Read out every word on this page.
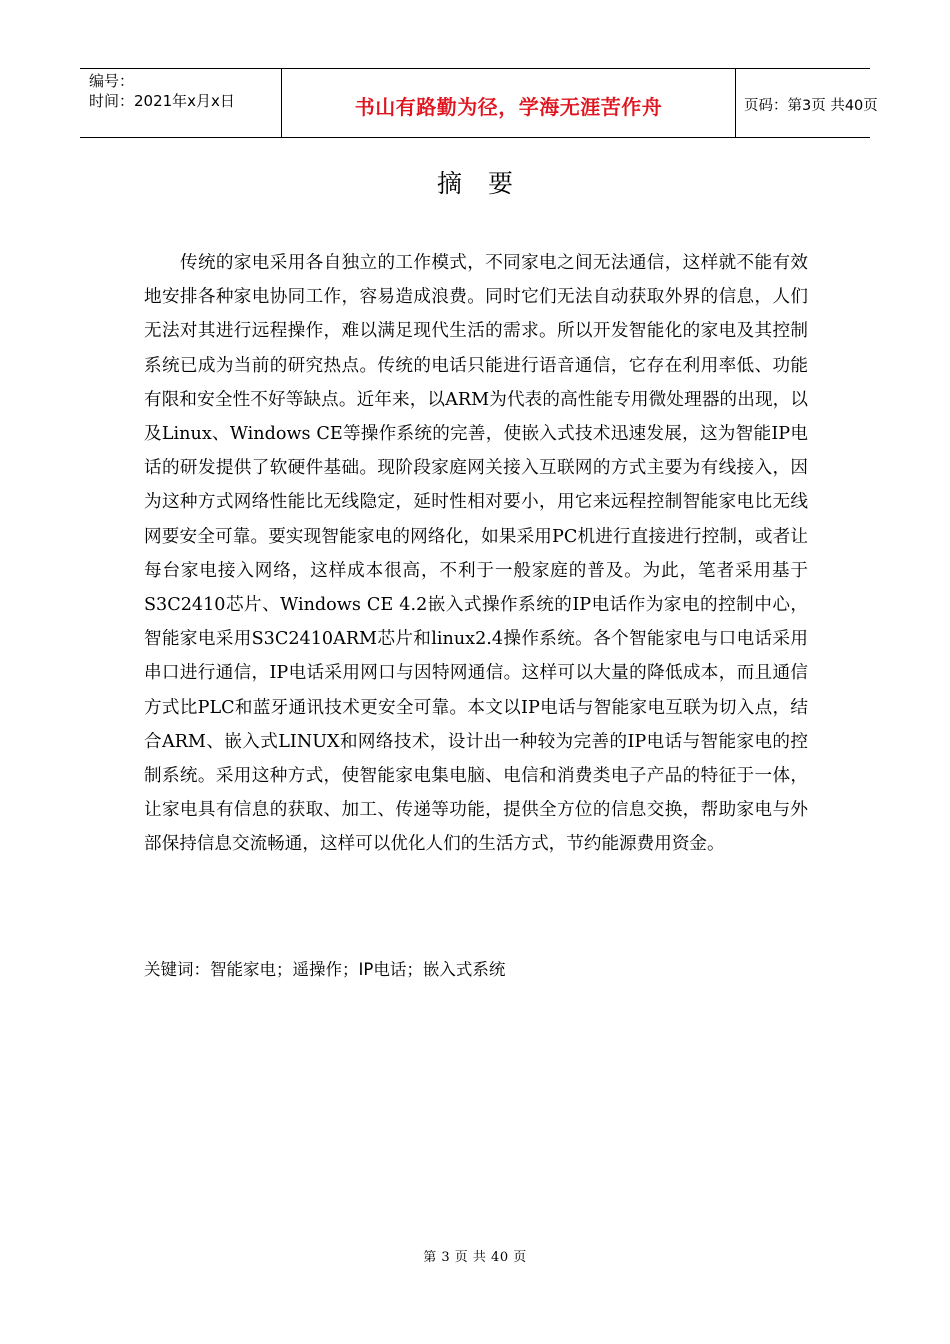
编号：
时间：2021年x月x日	书山有路勤为径，学海无涯苦作舟	页码：第3页 共40页
摘要

传统的家电采用各自独立的工作模式，不同家电之间无法通信，这样就不能有效地安排各种家电协同工作，容易造成浪费。同时它们无法自动获取外界的信息，人们无法对其进行远程操作，难以满足现代生活的需求。所以开发智能化的家电及其控制系统已成为当前的研究热点。传统的电话只能进行语音通信，它存在利用率低、功能有限和安全性不好等缺点。近年来，以ARM为代表的高性能专用微处理器的出现，以及Linux、Windows CE等操作系统的完善，使嵌入式技术迅速发展，这为智能IP电话的研发提供了软硬件基础。现阶段家庭网关接入互联网的方式主要为有线接入，因为这种方式网络性能比无线隐定，延时性相对要小，用它来远程控制智能家电比无线网要安全可靠。要实现智能家电的网络化，如果采用PC机进行直接进行控制，或者让每台家电接入网络，这样成本很高，不利于一般家庭的普及。为此，笔者采用基于S3C2410芯片、Windows CE 4.2嵌入式操作系统的IP电话作为家电的控制中心，智能家电采用S3C2410ARM芯片和linux2.4操作系统。各个智能家电与口电话采用串口进行通信，IP电话采用网口与因特网通信。这样可以大量的降低成本，而且通信方式比PLC和蓝牙通讯技术更安全可靠。本文以IP电话与智能家电互联为切入点，结合ARM、嵌入式LINUX和网络技术，设计出一种较为完善的IP电话与智能家电的控制系统。采用这种方式，使智能家电集电脑、电信和消费类电子产品的特征于一体，让家电具有信息的获取、加工、传递等功能，提供全方位的信息交换，帮助家电与外部保持信息交流畅通，这样可以优化人们的生活方式，节约能源费用资金。

关键词：智能家电；遥操作；IP电话；嵌入式系统
第 3 页 共 40 页
